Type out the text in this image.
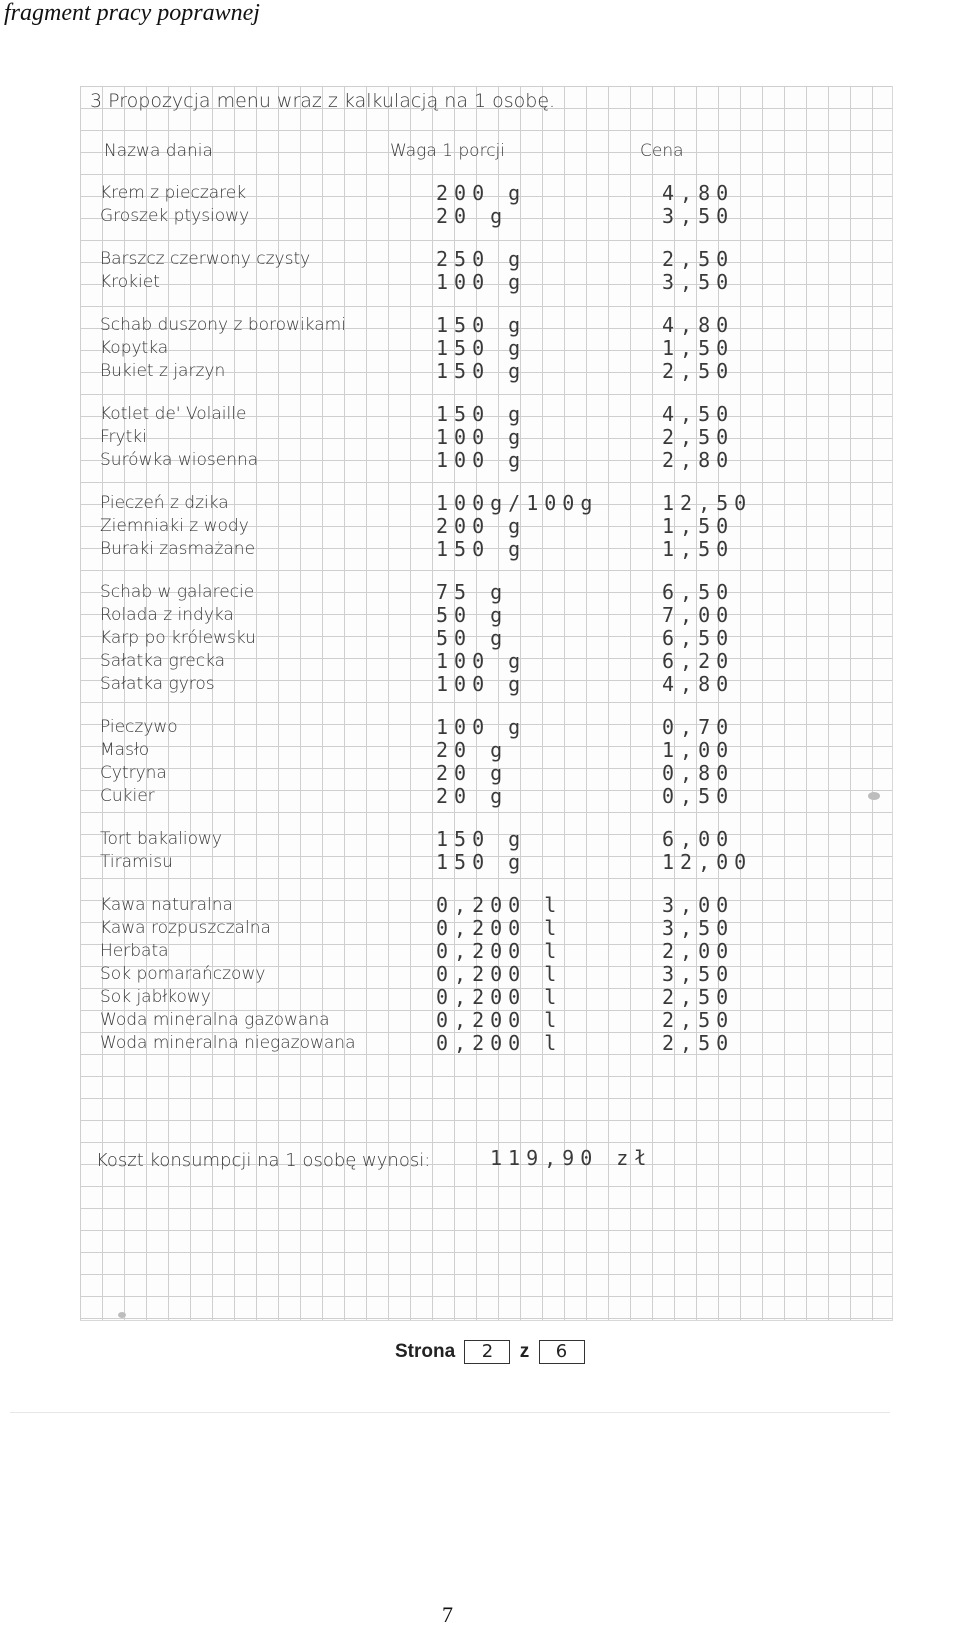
fragment pracy poprawnej
3 Propozycja menu wraz z kalkulacją na 1 osobę.
Nazwa dania	Waga 1 porcji	Cena
Krem z pieczarek	200 g	4,80
Groszek ptysiowy	20 g	3,50
Barszcz czerwony czysty	250 g	2,50
Krokiet	100 g	3,50
Schab duszony z borowikami	150 g	4,80
Kopytka	150 g	1,50
Bukiet z jarzyn	150 g	2,50
Kotlet de' Volaille	150 g	4,50
Frytki	100 g	2,50
Surówka wiosenna	100 g	2,80
Pieczeń z dzika	100g/100g	12,50
Ziemniaki z wody	200 g	1,50
Buraki zasmażane	150 g	1,50
Schab w galarecie	75 g	6,50
Rolada z indyka	50 g	7,00
Karp po królewsku	50 g	6,50
Sałatka grecka	100 g	6,20
Sałatka gyros	100 g	4,80
Pieczywo	100 g	0,70
Masło	20 g	1,00
Cytryna	20 g	0,80
Cukier	20 g	0,50
Tort bakaliowy	150 g	6,00
Tiramisu	150 g	12,00
Kawa naturalna	0,200 l	3,00
Kawa rozpuszczalna	0,200 l	3,50
Herbata	0,200 l	2,00
Sok pomarańczowy	0,200 l	3,50
Sok jabłkowy	0,200 l	2,50
Woda mineralna gazowana	0,200 l	2,50
Woda mineralna niegazowana	0,200 l	2,50
Koszt konsumpcji na 1 osobę wynosi:	119,90 zł
Strona 2 z 6
7
